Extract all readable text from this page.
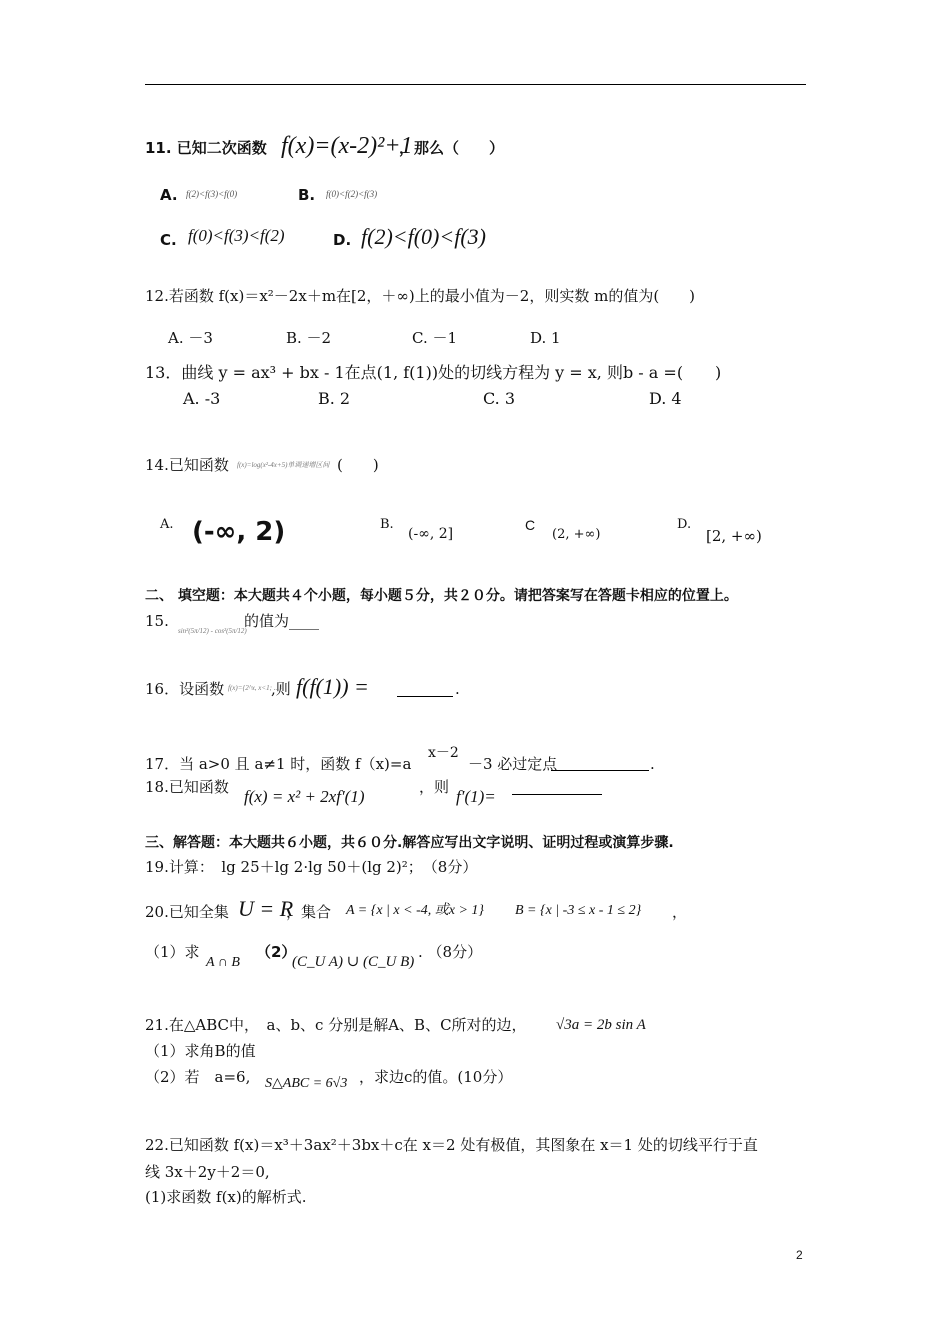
11. 已知二次函数 f(x)=(x-2)²+1
，那么（　　）
A. f(2)<f(3)<f(0)	B. f(0)<f(2)<f(3)
C. f(0)<f(3)<f(2)	D. f(2)<f(0)<f(3)
12.若函数 f(x)＝x²－2x＋m在[2，＋∞)上的最小值为－2，则实数 m的值为(　　)
A. －3	B. －2	C. －1	D. 1
13．曲线 y = ax³ + bx - 1在点(1, f(1))处的切线方程为 y = x, 则b - a =(　　)
A. -3	B. 2	C. 3	D. 4
14.已知函数 f(x)=log(x²-4x+5)单调递增区间 (　　)
A. (-∞, 2)	B.
(-∞, 2]
C
(2, +∞)
D.
[2, +∞)
二、 填空题：本大题共４个小题，每小题５分，共２０分。请把答案写在答题卡相应的位置上。
15.
sin²(5π/12) - cos²(5π/12)
的值为____
16．设函数 f(x)={2^x, x<1; ...}
,则 f(f(1)) =	.
17．当 a>0 且 a≠1 时，函数 f（x)=a
x－2
－3 必过定点	.
18.已知函数 f(x) = x² + 2xf′(1)	，则 f′(1)=
三、解答题：本大题共６小题，共６０分.解答应写出文字说明、证明过程或演算步骤.
19.计算：　lg 25＋lg 2·lg 50＋(lg 2)²；　（8分）
20.已知全集 U = R
，集合 A = {x | x < -4, 或x > 1} B = {x | -3 ≤ x - 1 ≤ 2} ，
（1）求
A ∩ B
（2）
(C_U A) ∪ (C_U B)
. （8分）
21.在△ABC中，　a、b、c 分别是解A、B、C所对的边， √3a = 2b sin A
（1）求角B的值
（2）若　a=6, S△ABC = 6√3 ，求边c的值。(10分）
22.已知函数 f(x)＝x³＋3ax²＋3bx＋c在 x＝2 处有极值，其图象在 x＝1 处的切线平行于直
线 3x＋2y＋2＝0,
(1)求函数 f(x)的解析式.
2
